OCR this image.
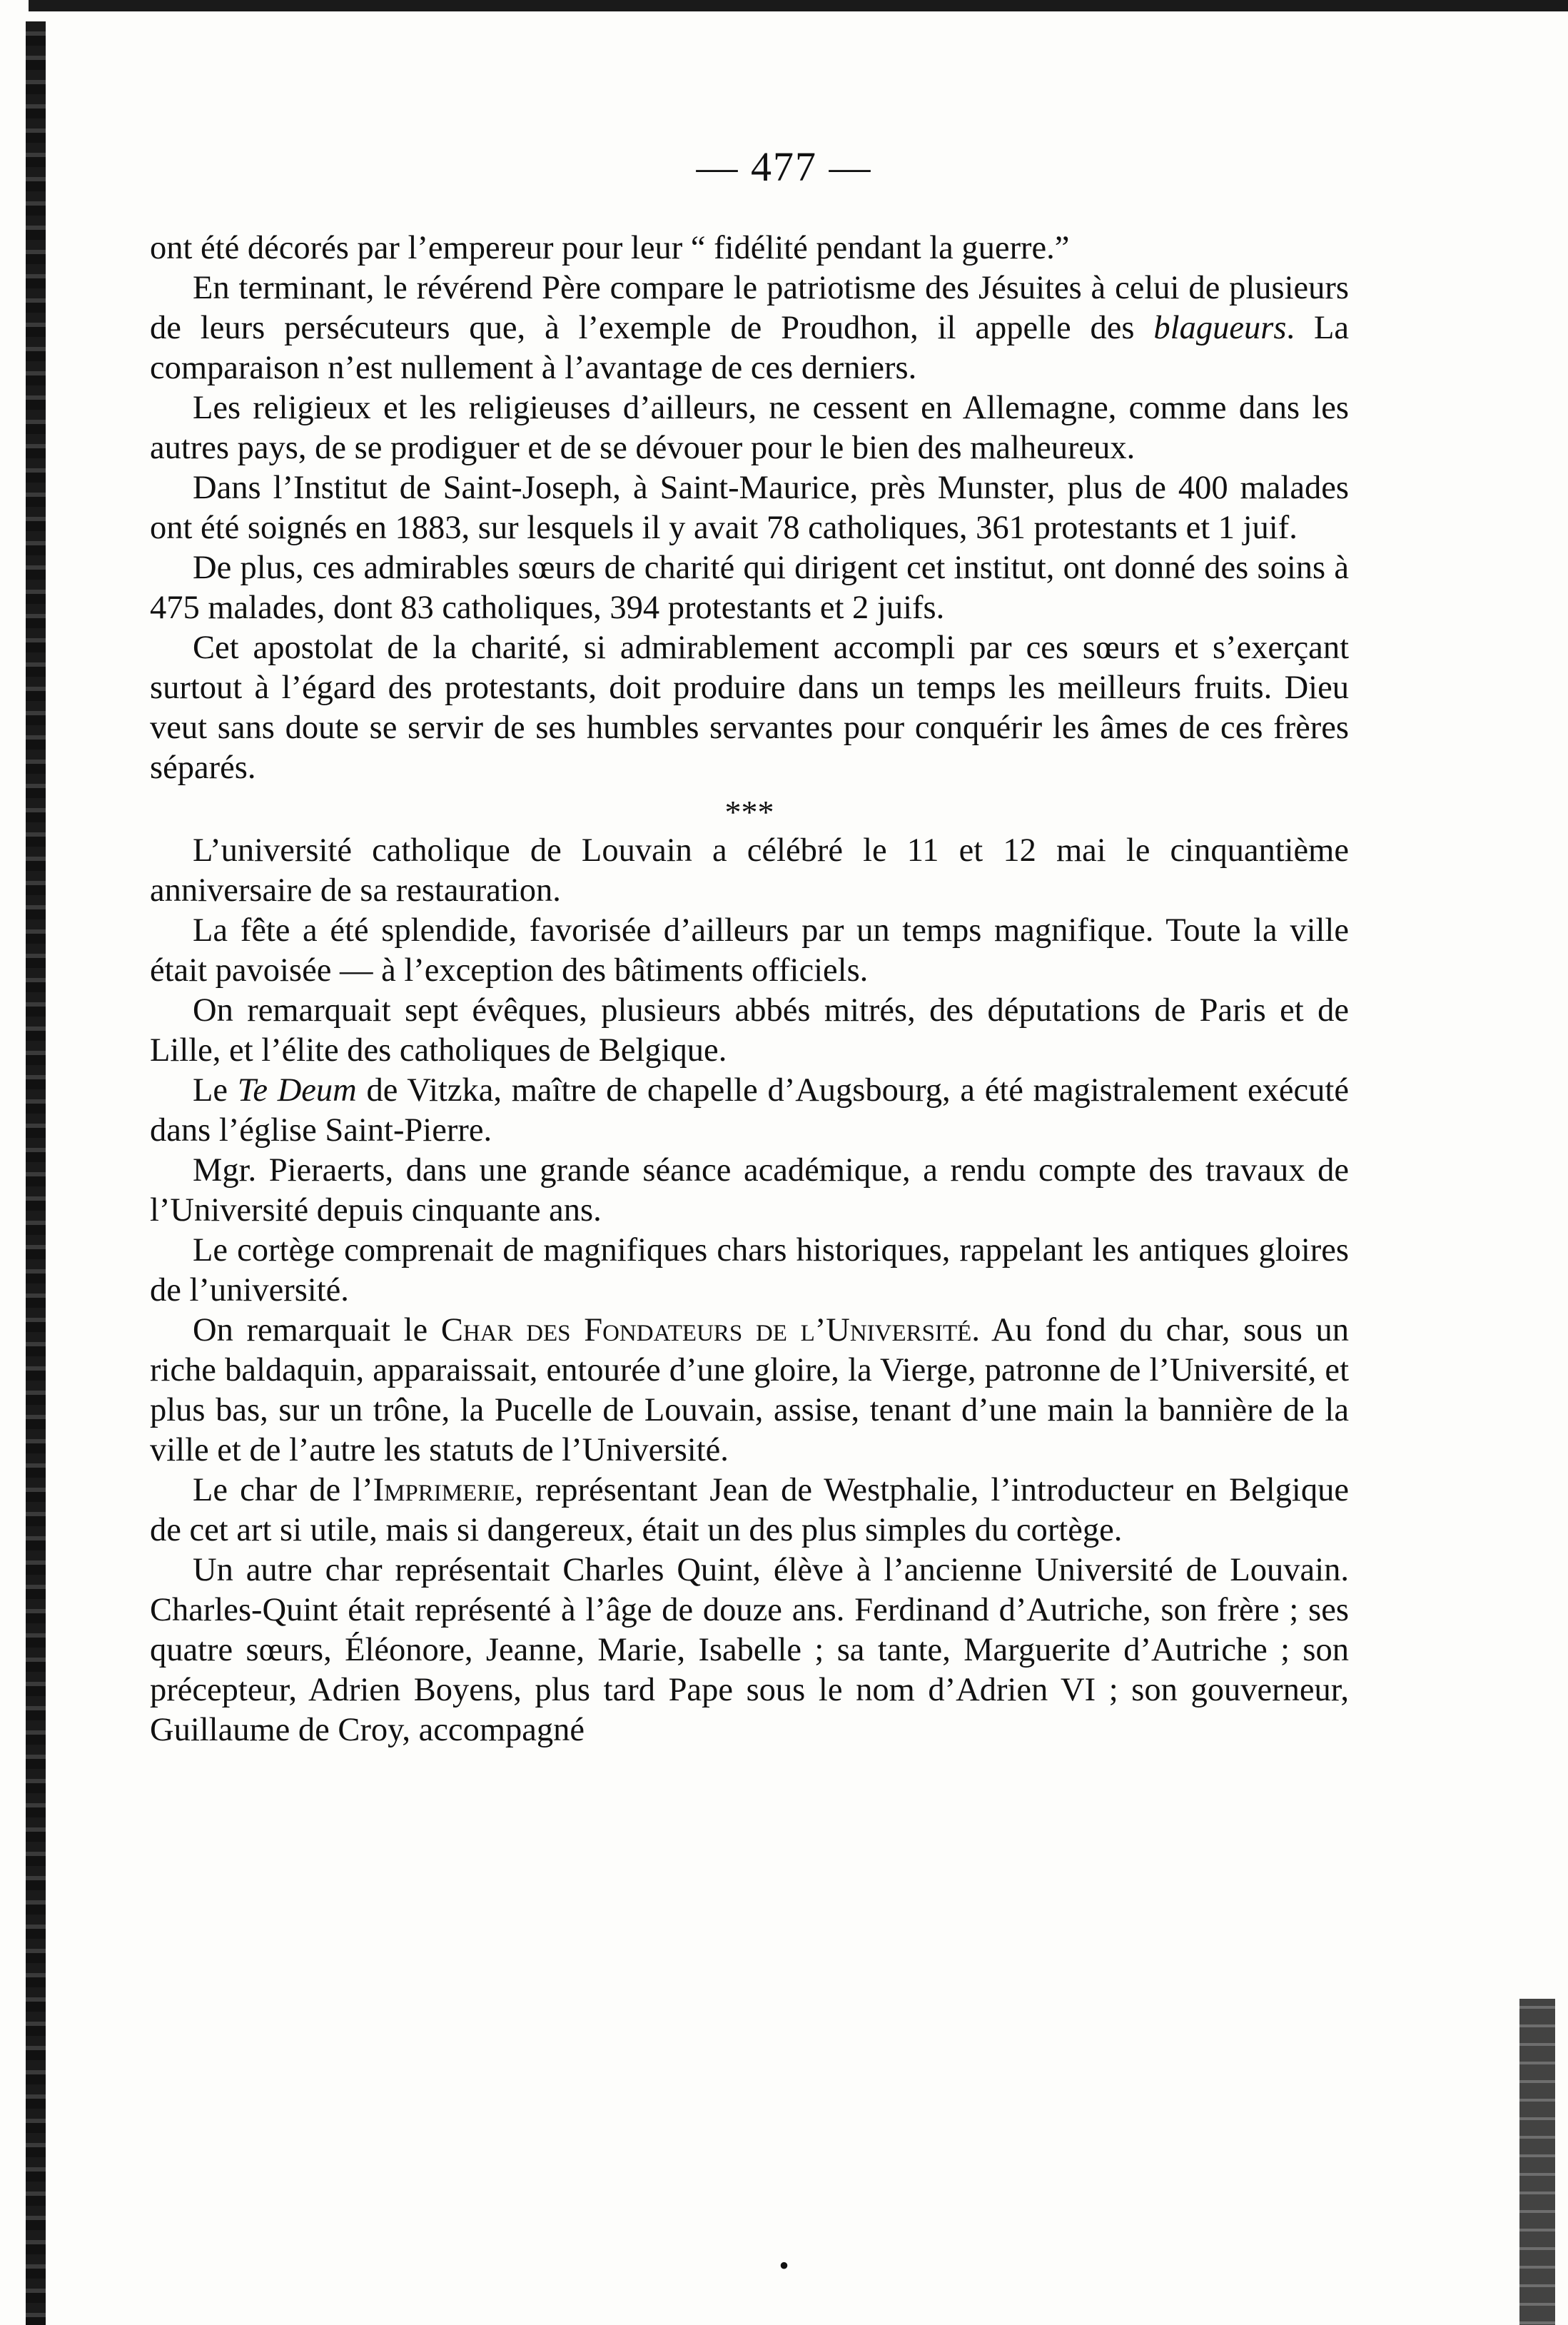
— 477 —

ont été décorés par l’empereur pour leur “ fidélité pendant la guerre.”

En terminant, le révérend Père compare le patriotisme des Jésuites à celui de plusieurs de leurs persécuteurs que, à l’exemple de Proudhon, il appelle des blagueurs. La comparaison n’est nullement à l’avantage de ces derniers.

Les religieux et les religieuses d’ailleurs, ne cessent en Allemagne, comme dans les autres pays, de se prodiguer et de se dévouer pour le bien des malheureux.

Dans l’Institut de Saint-Joseph, à Saint-Maurice, près Munster, plus de 400 malades ont été soignés en 1883, sur lesquels il y avait 78 catholiques, 361 protestants et 1 juif.

De plus, ces admirables sœurs de charité qui dirigent cet institut, ont donné des soins à 475 malades, dont 83 catholiques, 394 protestants et 2 juifs.

Cet apostolat de la charité, si admirablement accompli par ces sœurs et s’exerçant surtout à l’égard des protestants, doit produire dans un temps les meilleurs fruits. Dieu veut sans doute se servir de ses humbles servantes pour conquérir les âmes de ces frères séparés.

***

L’université catholique de Louvain a célébré le 11 et 12 mai le cinquantième anniversaire de sa restauration.

La fête a été splendide, favorisée d’ailleurs par un temps magnifique. Toute la ville était pavoisée — à l’exception des bâtiments officiels.

On remarquait sept évêques, plusieurs abbés mitrés, des députations de Paris et de Lille, et l’élite des catholiques de Belgique.

Le Te Deum de Vitzka, maître de chapelle d’Augsbourg, a été magistralement exécuté dans l’église Saint-Pierre.

Mgr. Pieraerts, dans une grande séance académique, a rendu compte des travaux de l’Université depuis cinquante ans.

Le cortège comprenait de magnifiques chars historiques, rappelant les antiques gloires de l’université.

On remarquait le Char des Fondateurs de l’Université. Au fond du char, sous un riche baldaquin, apparaissait, entourée d’une gloire, la Vierge, patronne de l’Université, et plus bas, sur un trône, la Pucelle de Louvain, assise, tenant d’une main la bannière de la ville et de l’autre les statuts de l’Université.

Le char de l’Imprimerie, représentant Jean de Westphalie, l’introducteur en Belgique de cet art si utile, mais si dangereux, était un des plus simples du cortège.

Un autre char représentait Charles Quint, élève à l’ancienne Université de Louvain. Charles-Quint était représenté à l’âge de douze ans. Ferdinand d’Autriche, son frère ; ses quatre sœurs, Éléonore, Jeanne, Marie, Isabelle ; sa tante, Marguerite d’Autriche ; son précepteur, Adrien Boyens, plus tard Pape sous le nom d’Adrien VI ; son gouverneur, Guillaume de Croy, accompagné

•
